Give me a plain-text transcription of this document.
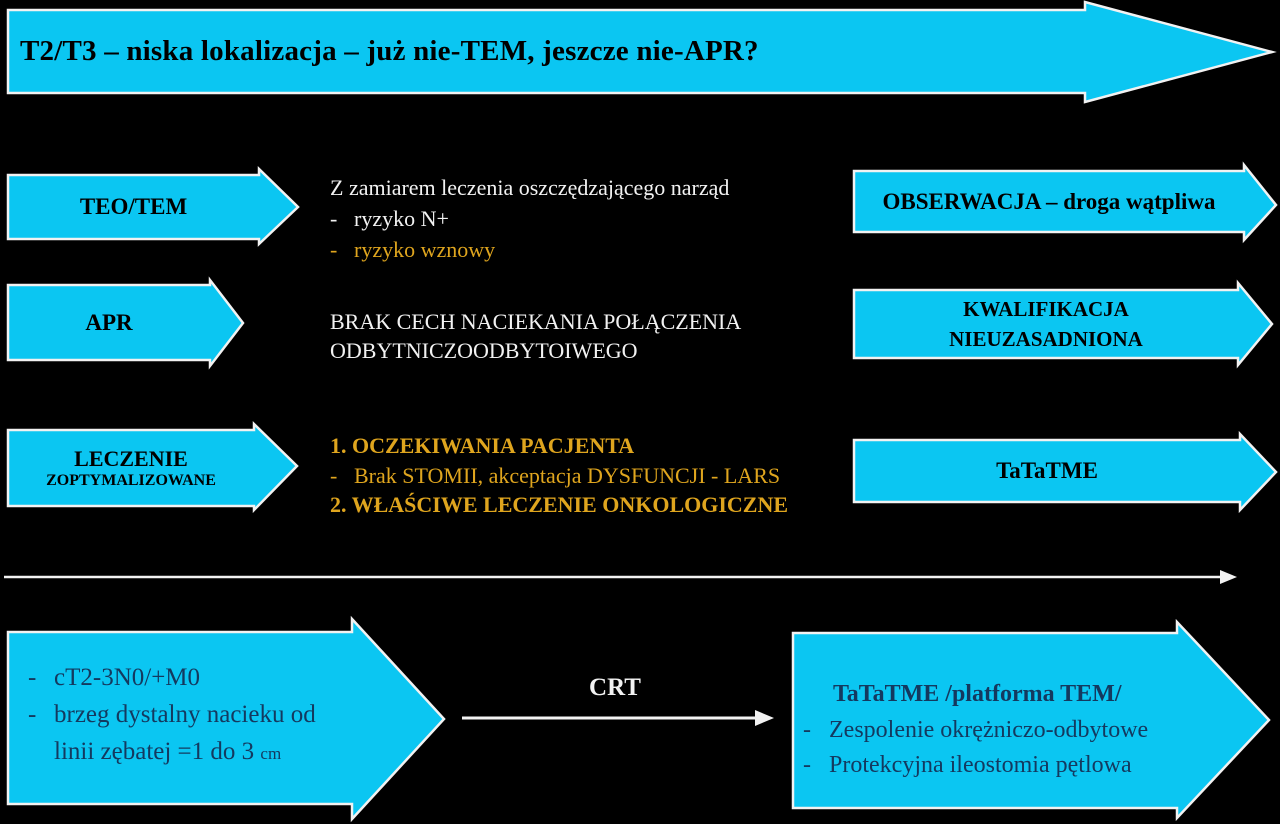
T2/T3 – niska lokalizacja – już nie-TEM, jeszcze nie-APR?
TEO/TEM
Z zamiarem leczenia oszczędzającego narząd
- ryzyko N+
- ryzyko wznowy
OBSERWACJA – droga wątpliwa
APR	BRAK CECH NACIEKANIA POŁĄCZENIA
ODBYTNICZOODBYTOIWEGO
KWALIFIKACJA
NIEUZASADNIONA
LECZENIE
ZOPTYMALIZOWANE
1. OCZEKIWANIA PACJENTA
- Brak STOMII, akceptacja DYSFUNCJI - LARS
2. WŁAŚCIWE LECZENIE ONKOLOGICZNE
TaTaTME
- cT2-3N0/+M0
- brzeg dystalny nacieku od
linii zębatej =1 do 3 cm
CRT	TaTaTME /platforma TEM/
- Zespolenie okrężniczo-odbytowe
- Protekcyjna ileostomia pętlowa
